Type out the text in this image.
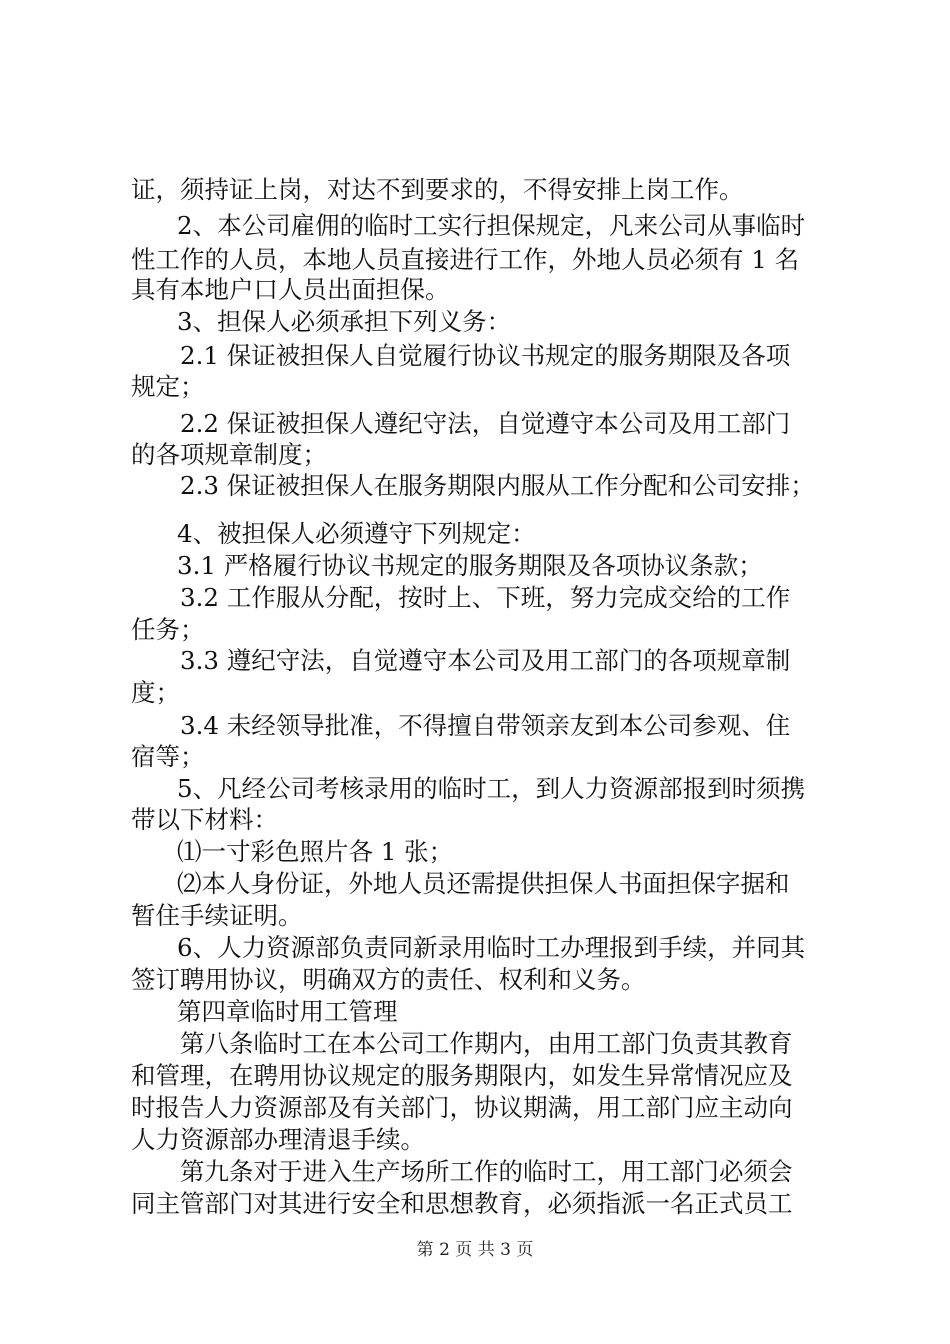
证，须持证上岗，对达不到要求的，不得安排上岗工作。
2、本公司雇佣的临时工实行担保规定，凡来公司从事临时
性工作的人员，本地人员直接进行工作，外地人员必须有 1 名
具有本地户口人员出面担保。
3、担保人必须承担下列义务：
2.1 保证被担保人自觉履行协议书规定的服务期限及各项
规定；
2.2 保证被担保人遵纪守法，自觉遵守本公司及用工部门
的各项规章制度；
2.3 保证被担保人在服务期限内服从工作分配和公司安排；
4、被担保人必须遵守下列规定：
3.1 严格履行协议书规定的服务期限及各项协议条款；
3.2 工作服从分配，按时上、下班，努力完成交给的工作
任务；
3.3 遵纪守法，自觉遵守本公司及用工部门的各项规章制
度；
3.4 未经领导批准，不得擅自带领亲友到本公司参观、住
宿等；
5、凡经公司考核录用的临时工，到人力资源部报到时须携
带以下材料：
⑴一寸彩色照片各 1 张；
⑵本人身份证，外地人员还需提供担保人书面担保字据和
暂住手续证明。
6、人力资源部负责同新录用临时工办理报到手续，并同其
签订聘用协议，明确双方的责任、权利和义务。
第四章临时用工管理
第八条临时工在本公司工作期内，由用工部门负责其教育
和管理，在聘用协议规定的服务期限内，如发生异常情况应及
时报告人力资源部及有关部门，协议期满，用工部门应主动向
人力资源部办理清退手续。
第九条对于进入生产场所工作的临时工，用工部门必须会
同主管部门对其进行安全和思想教育，必须指派一名正式员工
第 2 页 共 3 页
